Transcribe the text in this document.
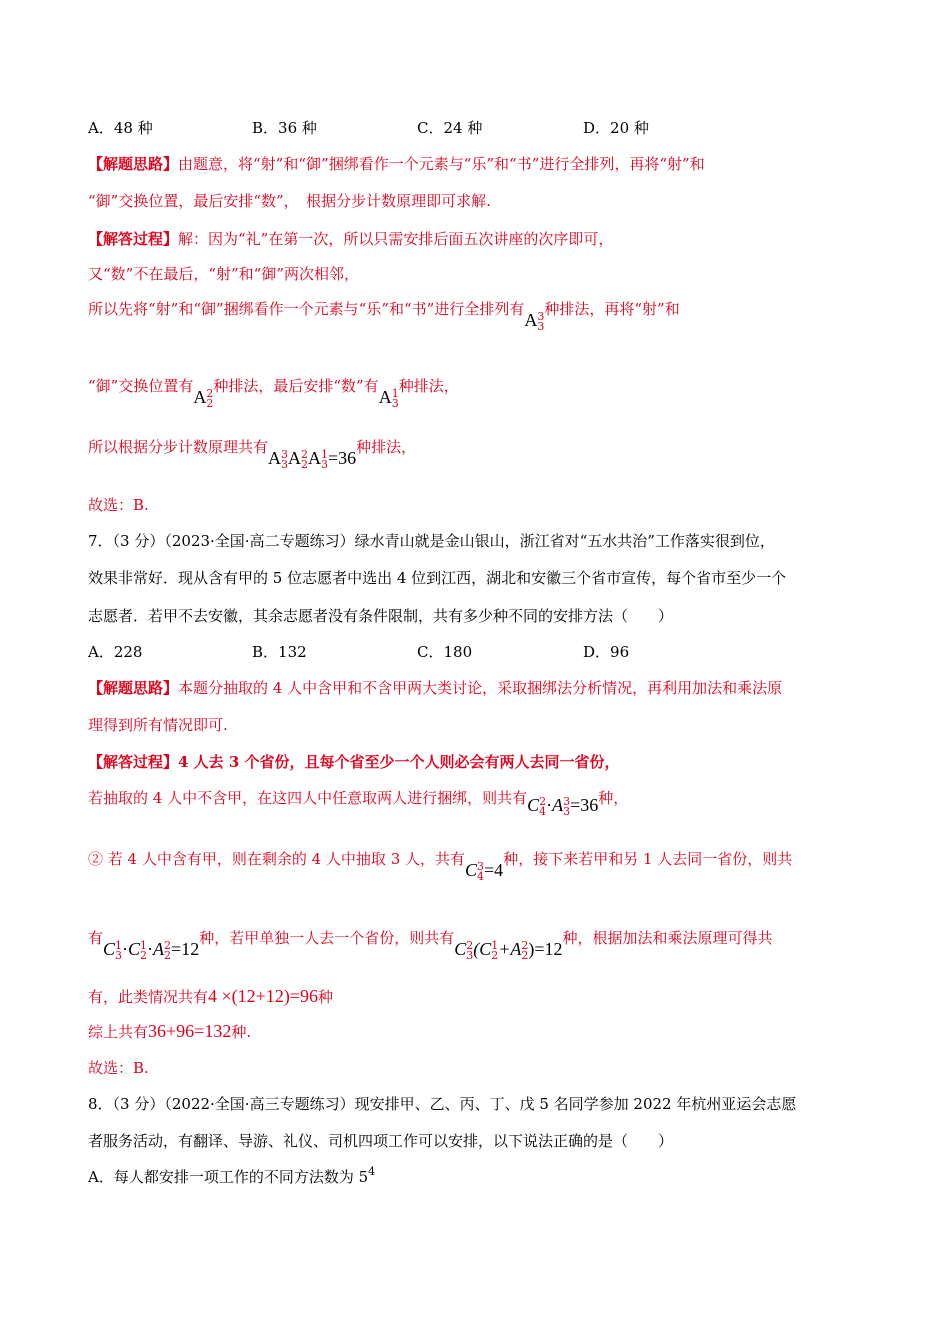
A．48 种	B．36 种	C．24 种	D．20 种
【解题思路】由题意，将“射”和“御”捆绑看作一个元素与“乐”和“书”进行全排列，再将“射”和
“御”交换位置，最后安排“数”，　根据分步计数原理即可求解.
【解答过程】解：因为“礼”在第一次，所以只需安排后面五次讲座的次序即可，
又“数”不在最后，“射”和“御”两次相邻，
所以先将“射”和“御”捆绑看作一个元素与“乐”和“书”进行全排列有A 3
3
种排法，再将“射”和
“御”交换位置有A 2
2
种排法，最后安排“数”有A 1
3
种排法，
所以根据分步计数原理共有A 3
3 A 2
2 A 1
3 =36种排法，
故选：B.
7．（3 分）（2023·全国·高二专题练习）绿水青山就是金山银山，浙江省对“五水共治”工作落实很到位，
效果非常好．现从含有甲的 5 位志愿者中选出 4 位到江西，湖北和安徽三个省市宣传，每个省市至少一个
志愿者．若甲不去安徽，其余志愿者没有条件限制，共有多少种不同的安排方法（　　）
A．228	B．132	C．180	D．96
【解题思路】本题分抽取的 4 人中含甲和不含甲两大类讨论，采取捆绑法分析情况，再利用加法和乘法原
理得到所有情况即可.
【解答过程】4 人去 3 个省份，且每个省至少一个人则必会有两人去同一省份，
若抽取的 4 人中不含甲，在这四人中任意取两人进行捆绑，则共有C 2
4 ·A 3
3 =36种，
② 若 4 人中含有甲，则在剩余的 4 人中抽取 3 人，共有C 3
4 =4种，接下来若甲和另 1 人去同一省份，则共
有C 1
3 ·C 1
2 ·A 2
2 =12种，若甲单独一人去一个省份，则共有C 2
3 (C 1
2 +A 2
2 )=12种，根据加法和乘法原理可得共
有，此类情况共有4 ×(12+12)=96种
综上共有36+96=132种.
故选：B.
8．（3 分）（2022·全国·高三专题练习）现安排甲、乙、丙、丁、戊 5 名同学参加 2022 年杭州亚运会志愿
者服务活动，有翻译、导游、礼仪、司机四项工作可以安排，以下说法正确的是（　　）
A．每人都安排一项工作的不同方法数为 $5^4$
